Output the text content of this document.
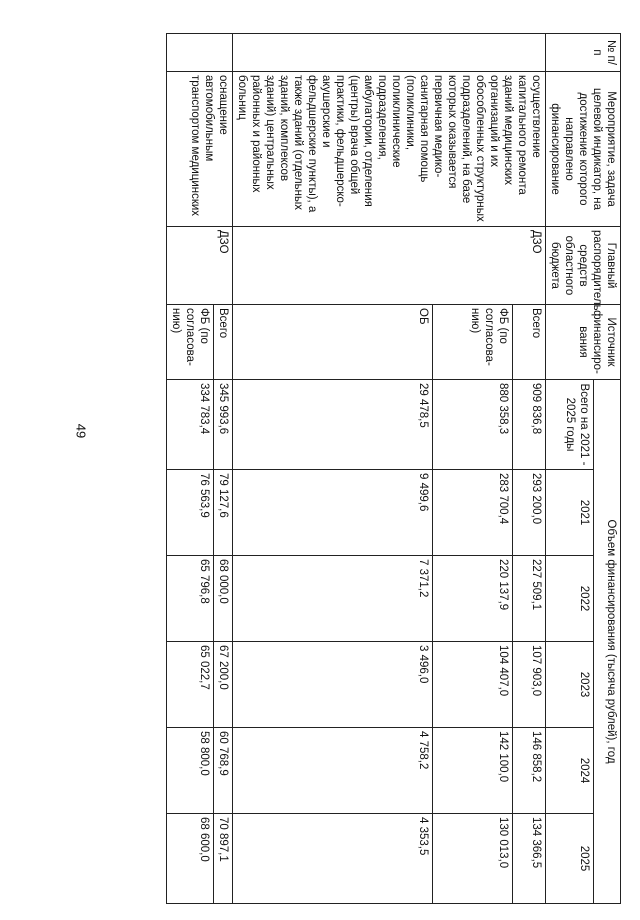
49
№ п/п	Мероприятие, задача целевой индикатор, на достижение которого направлено финансирование	Главный распорядитель средств областного бюджета	Источник финансиро-вания	Объем финансирования (тысяча рублей), год					
				Всего на 2021 - 2025 годы	2021	2022	2023	2024	2025
	осуществление капитального ремонта зданий медицинских организаций и их обособленных структурных подразделений, на базе которых оказывается первичная медико-санитарная помощь (поликлиники, поликлинические подразделения, амбулатории, отделения (центры) врача общей практики, фельдшерско-акушерские и фельдшерские пункты), а также зданий (отдельных зданий, комплексов зданий) центральных районных и районных больниц	ДЗО	Всего	909 836,8	293 200,0	227 509,1	107 903,0	146 858,2	134 366,5
			ФБ (по согласова-нию)	880 358,3	283 700,4	220 137,9	104 407,0	142 100,0	130 013,0
			ОБ	29 478,5	9 499,6	7 371,2	3 496,0	4 758,2	4 353,5
	оснащение автомобильным транспортом медицинских	ДЗО	Всего	345 993,6	79 127,6	68 000,0	67 200,0	60 768,9	70 897,1
			ФБ (по согласова-нию)	334 783,4	76 563,9	65 796,8	65 022,7	58 800,0	68 600,0
